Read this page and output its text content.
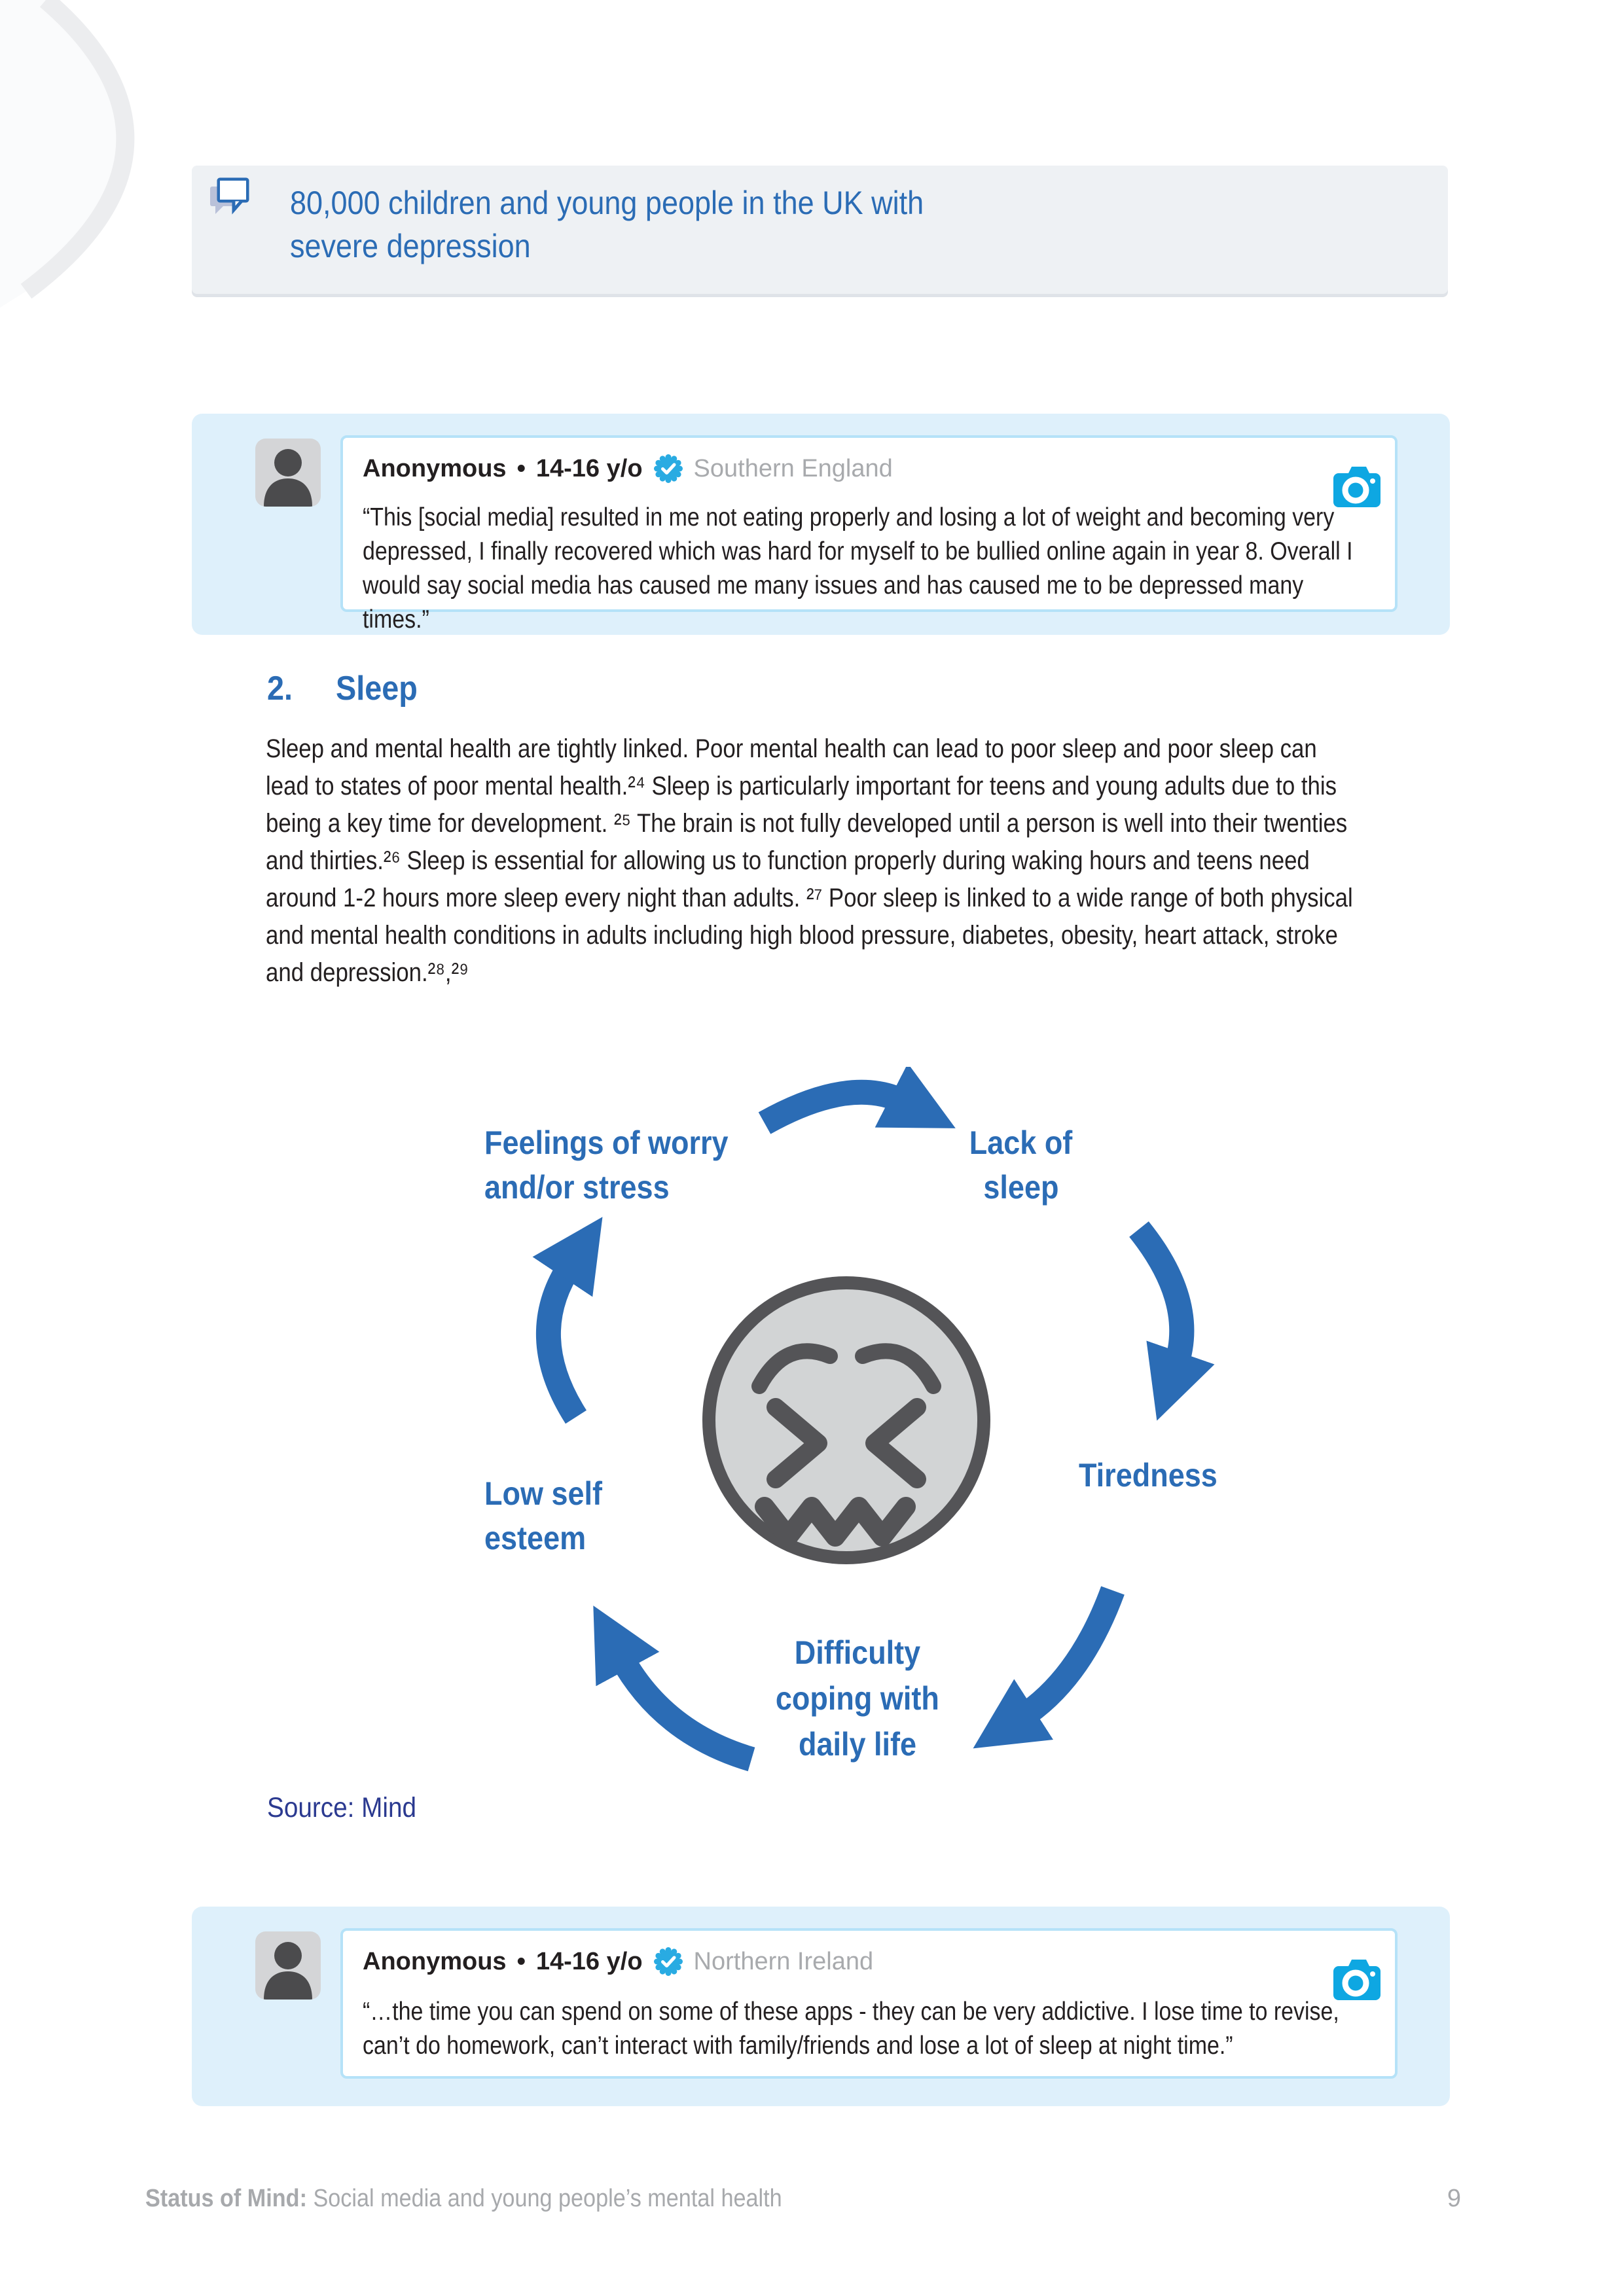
80,000 children and young people in the UK with
severe depression
Anonymous • 14-16 y/o Southern England
“This [social media] resulted in me not eating properly and losing a lot of weight and becoming very depressed, I finally recovered which was hard for myself to be bullied online again in year 8. Overall I would say social media has caused me many issues and has caused me to be depressed many times.”
2. Sleep
Sleep and mental health are tightly linked. Poor mental health can lead to poor sleep and poor sleep can lead to states of poor mental health.²⁴ Sleep is particularly important for teens and young adults due to this being a key time for development. ²⁵ The brain is not fully developed until a person is well into their twenties and thirties.²⁶ Sleep is essential for allowing us to function properly during waking hours and teens need around 1-2 hours more sleep every night than adults. ²⁷ Poor sleep is linked to a wide range of both physical and mental health conditions in adults including high blood pressure, diabetes, obesity, heart attack, stroke and depression.²⁸,²⁹
Feelings of worry
and/or stress
Lack of
sleep
Tiredness
Low self
esteem
Difficulty
coping with
daily life
Source: Mind
Anonymous • 14-16 y/o Northern Ireland
“…the time you can spend on some of these apps - they can be very addictive. I lose time to revise, can’t do homework, can’t interact with family/friends and lose a lot of sleep at night time.”
Status of Mind: Social media and young people’s mental health	9
